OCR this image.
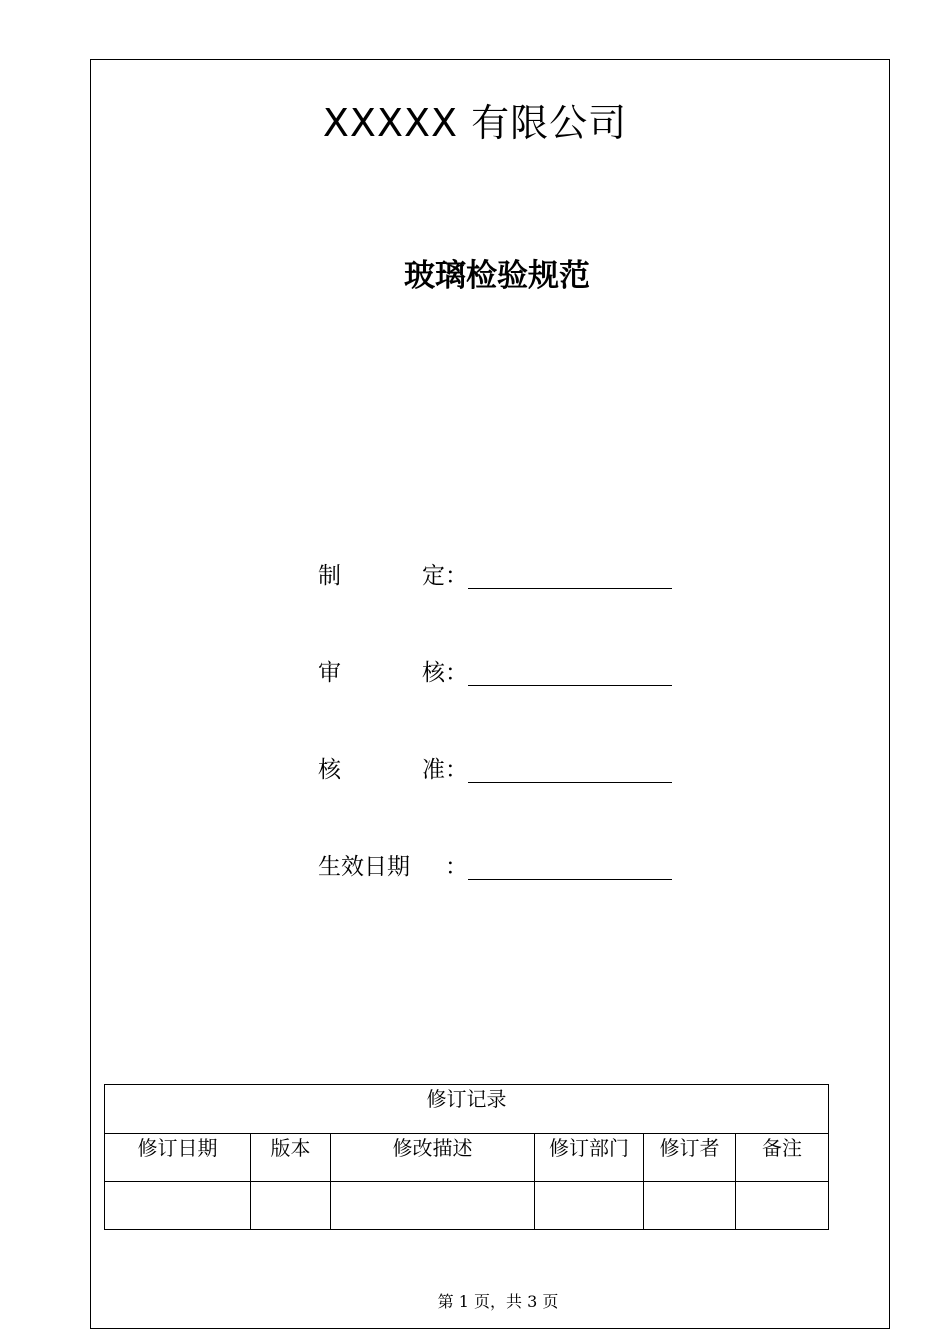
XXXXX 有限公司
玻璃检验规范
制	定 ：
审	核 ：
核	准 ：
生效日期 ：
修订记录					
修订日期	版本	修改描述	修订部门	修订者	备注

第 1 页，共 3 页
